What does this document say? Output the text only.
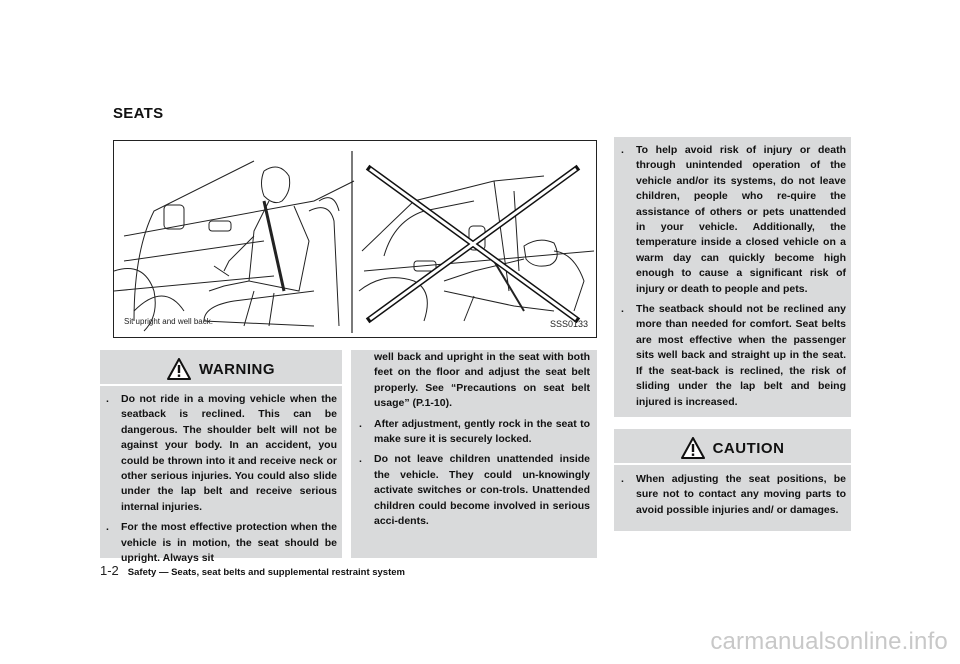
SEATS
Sit upright and well back.	SSS0133
WARNING
. Do not ride in a moving vehicle when the seatback is reclined. This can be dangerous. The shoulder belt will not be against your body. In an accident, you could be thrown into it and receive neck or other serious injuries. You could also slide under the lap belt and receive serious internal injuries.
. For the most effective protection when the vehicle is in motion, the seat should be upright. Always sit
well back and upright in the seat with both feet on the floor and adjust the seat belt properly. See “Precautions on seat belt usage” (P.1-10).
. After adjustment, gently rock in the seat to make sure it is securely locked.
. Do not leave children unattended inside the vehicle. They could un-knowingly activate switches or con-trols. Unattended children could become involved in serious acci-dents.
. To help avoid risk of injury or death through unintended operation of the vehicle and/or its systems, do not leave children, people who re-quire the assistance of others or pets unattended in your vehicle. Additionally, the temperature inside a closed vehicle on a warm day can quickly become high enough to cause a significant risk of injury or death to people and pets.
. The seatback should not be reclined any more than needed for comfort. Seat belts are most effective when the passenger sits well back and straight up in the seat. If the seat-back is reclined, the risk of sliding under the lap belt and being injured is increased.
CAUTION
. When adjusting the seat positions, be sure not to contact any moving parts to avoid possible injuries and/ or damages.
1-2 Safety — Seats, seat belts and supplemental restraint system
carmanualsonline.info
